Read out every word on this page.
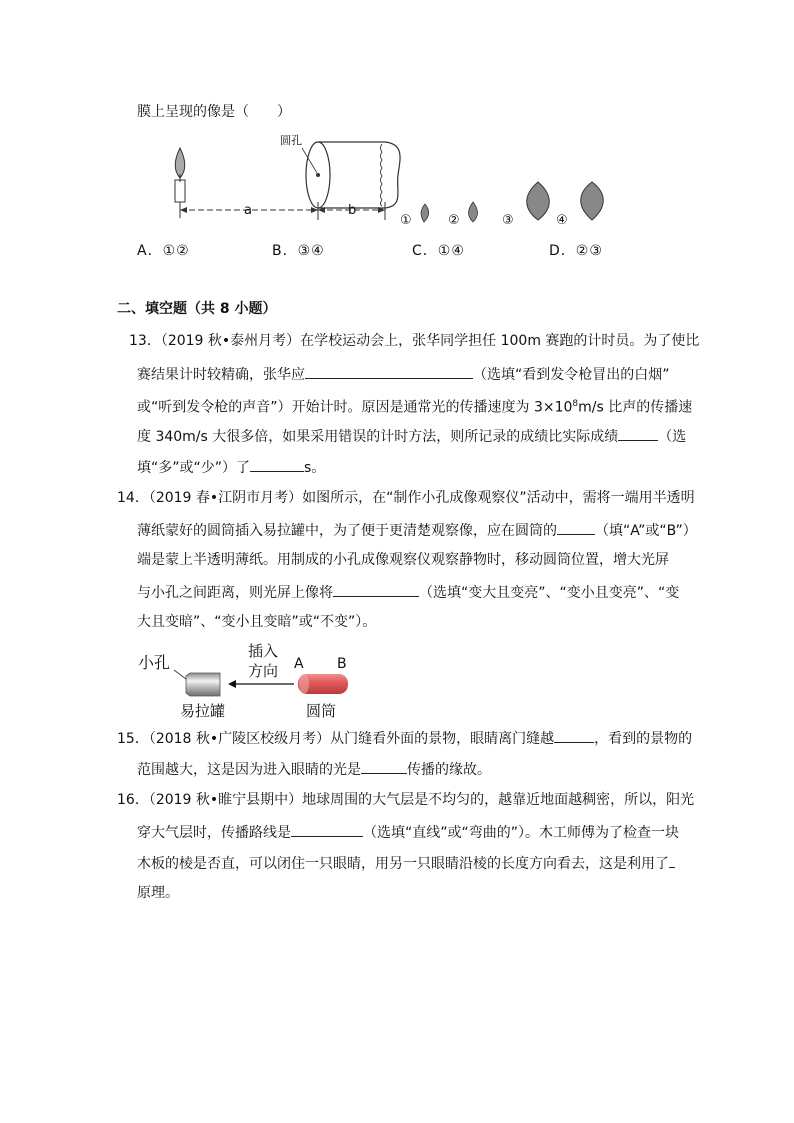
膜上呈现的像是（　　）
a
圆孔
b
①	②	③	④
A．①②	B．③④	C．①④	D．②③
二、填空题（共 8 小题）
13．（2019 秋•泰州月考）在学校运动会上，张华同学担任 100m 赛跑的计时员。为了使比
赛结果计时较精确，张华应	（选填“看到发令枪冒出的白烟”
或“听到发令枪的声音”）开始计时。原因是通常光的传播速度为 $3\times 10^8m/s$ 比声的传播速
度 340m/s 大很多倍，如果采用错误的计时方法，则所记录的成绩比实际成绩	（选
填“多”或“少”）了	s。
14．（2019 春•江阴市月考）如图所示，在“制作小孔成像观察仪”活动中，需将一端用半透明
薄纸蒙好的圆筒插入易拉罐中，为了便于更清楚观察像，应在圆筒的	（填“A”或“B”）
端是蒙上半透明薄纸。用制成的小孔成像观察仪观察静物时，移动圆筒位置，增大光屏
与小孔之间距离，则光屏上像将	（选填“变大且变亮”、“变小且变亮”、“变
大且变暗”、“变小且变暗”或“不变”）。
小孔
插入
方向 A B
易拉罐	圆筒
15．（2018 秋•广陵区校级月考）从门缝看外面的景物，眼睛离门缝越	，看到的景物的
范围越大，这是因为进入眼睛的光是	传播的缘故。
16．（2019 秋•睢宁县期中）地球周围的大气层是不均匀的，越靠近地面越稠密，所以，阳光
穿大气层时，传播路线是	（选填“直线”或“弯曲的”）。木工师傅为了检查一块
木板的棱是否直，可以闭住一只眼睛，用另一只眼睛沿棱的长度方向看去，这是利用了
原理。
